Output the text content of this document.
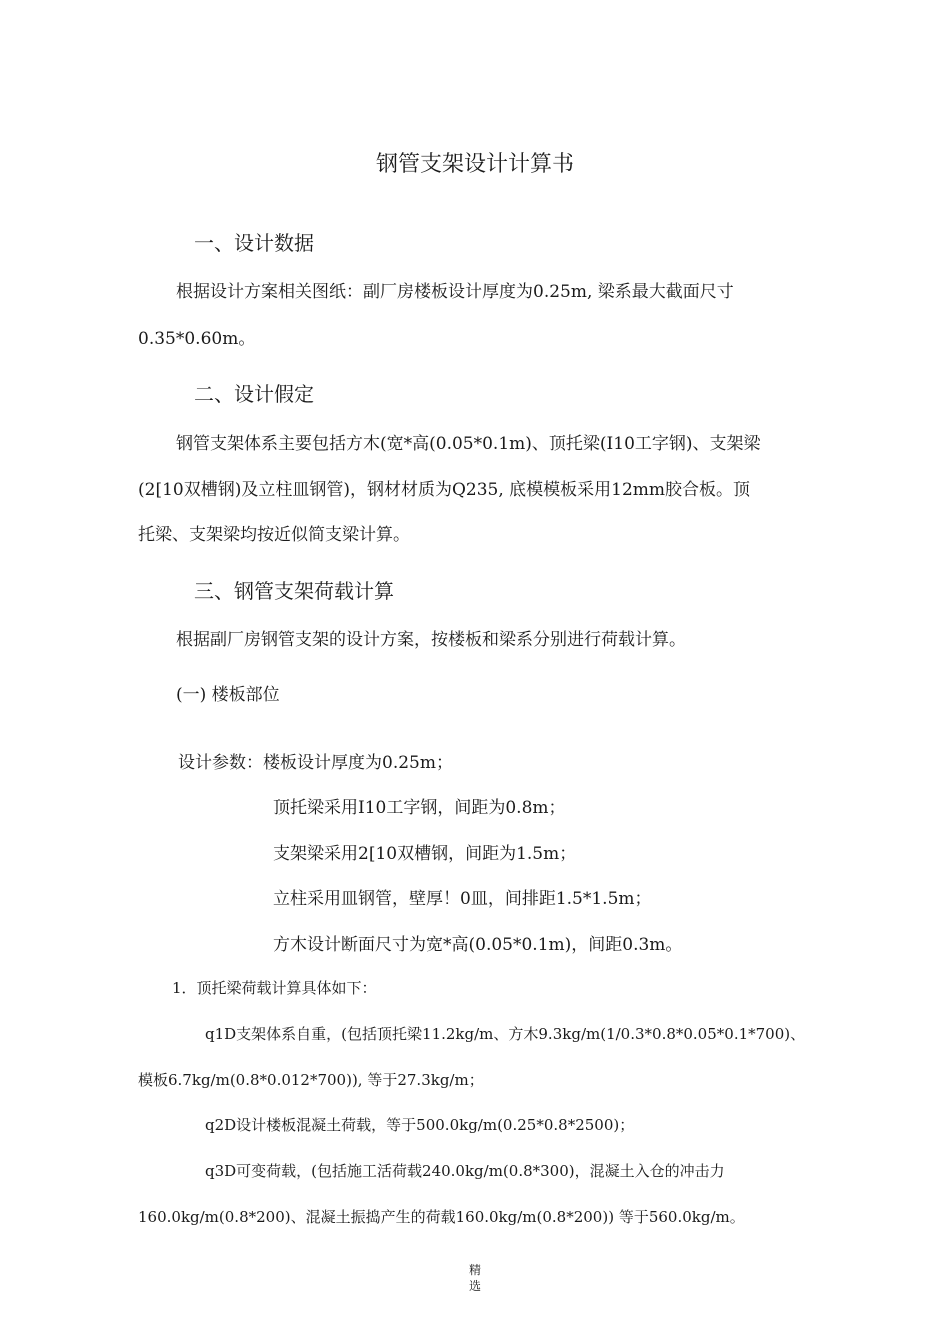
钢管支架设计计算书
一、设计数据
根据设计方案相关图纸：副厂房楼板设计厚度为0.25m, 梁系最大截面尺寸
0.35*0.60m。
二、设计假定
钢管支架体系主要包括方木(宽*高(0.05*0.1m)、顶托梁(I10工字钢)、支架梁
(2[10双槽钢)及立柱皿钢管)，钢材材质为Q235, 底模模板采用12mm胶合板。顶
托梁、支架梁均按近似简支梁计算。
三、钢管支架荷载计算
根据副厂房钢管支架的设计方案，按楼板和梁系分别进行荷载计算。
(一) 楼板部位
设计参数：楼板设计厚度为0.25m；
顶托梁采用I10工字钢，间距为0.8m；
支架梁采用2[10双槽钢，间距为1.5m；
立柱采用皿钢管，壁厚！0皿，间排距1.5*1.5m；
方木设计断面尺寸为宽*高(0.05*0.1m)，间距0.3m。
1．顶托梁荷载计算具体如下：
q1D支架体系自重，(包括顶托梁11.2kg/m、方木9.3kg/m(1/0.3*0.8*0.05*0.1*700)、
模板6.7kg/m(0.8*0.012*700)), 等于27.3kg/m；
q2D设计楼板混凝土荷载，等于500.0kg/m(0.25*0.8*2500)；
q3D可变荷载，(包括施工活荷载240.0kg/m(0.8*300)，混凝土入仓的冲击力
160.0kg/m(0.8*200)、混凝土振捣产生的荷载160.0kg/m(0.8*200)) 等于560.0kg/m。
精
选
